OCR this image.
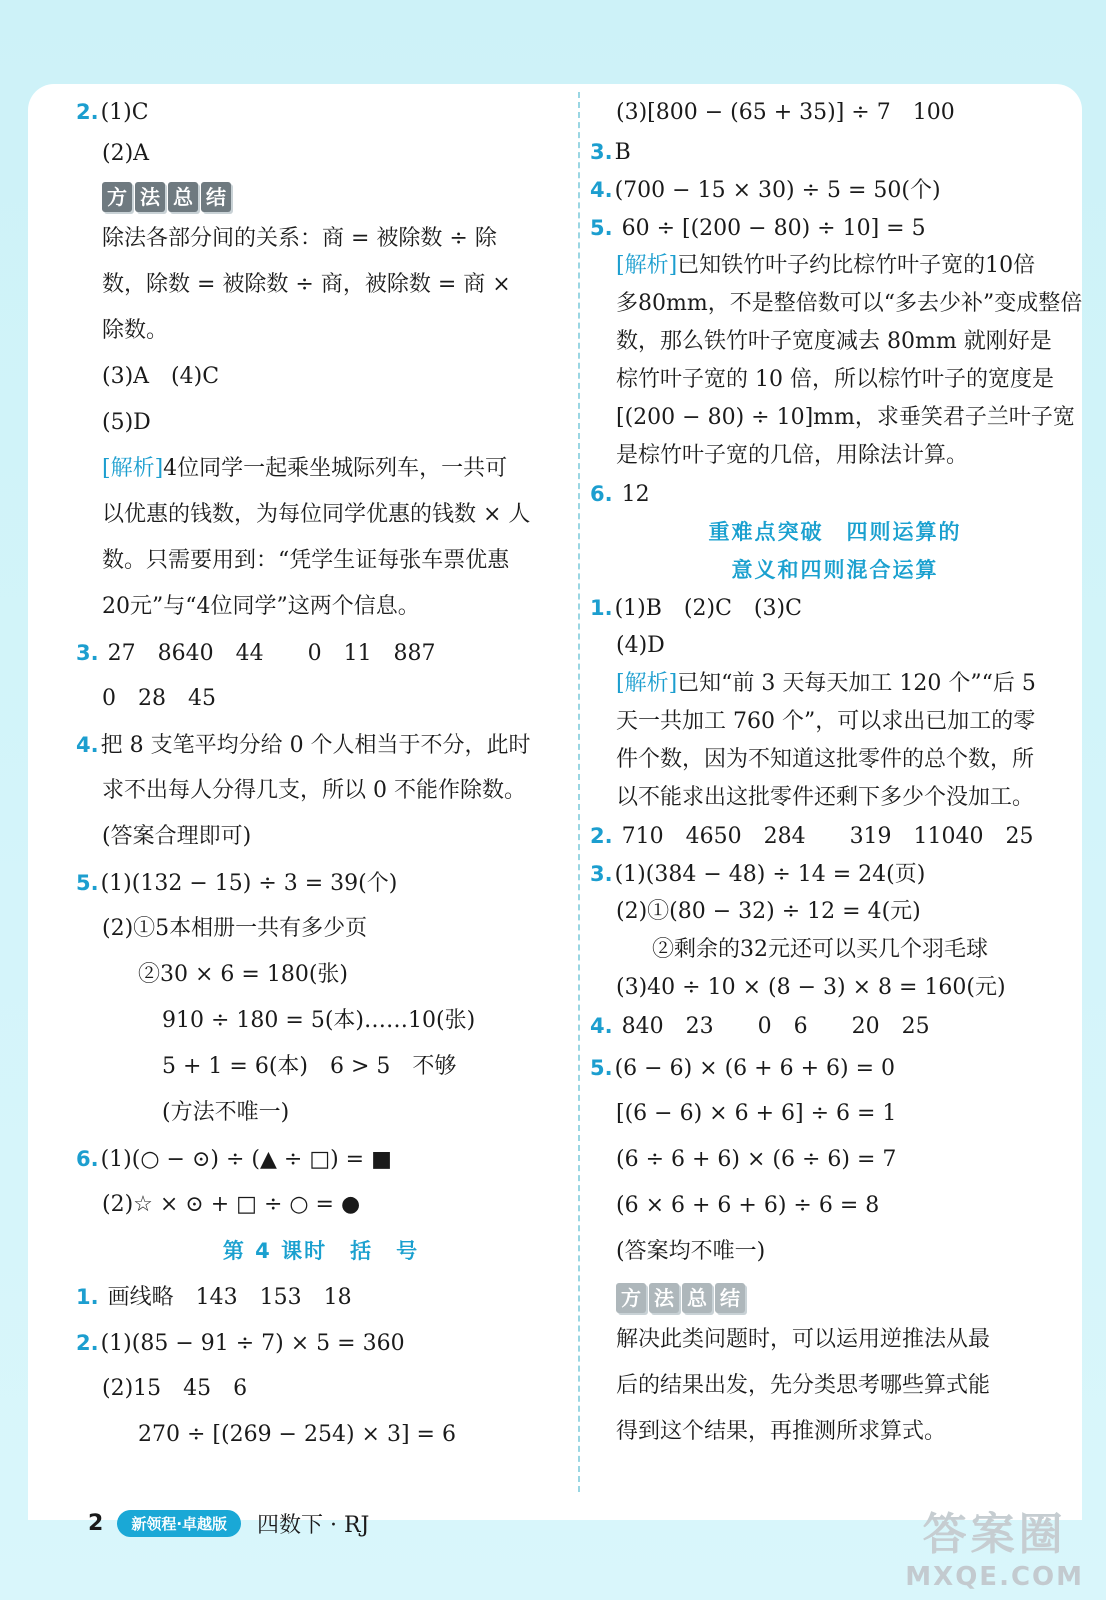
2.(1)C
(2)A
方 法 总 结
除法各部分间的关系：商 = 被除数 ÷ 除
数，除数 = 被除数 ÷ 商，被除数 = 商 ×
除数。
(3)A　(4)C
(5)D
[解析]4位同学一起乘坐城际列车，一共可
以优惠的钱数，为每位同学优惠的钱数 × 人
数。只需要用到：“凭学生证每张车票优惠
20元”与“4位同学”这两个信息。
3. 27　8640　44　　0　11　887
0　28　45
4.把 8 支笔平均分给 0 个人相当于不分，此时
求不出每人分得几支，所以 0 不能作除数。
(答案合理即可)
5.(1)(132 − 15) ÷ 3 = 39(个)
(2)①5本相册一共有多少页
②30 × 6 = 180(张)
910 ÷ 180 = 5(本)……10(张)
5 + 1 = 6(本)　6 > 5　不够
(方法不唯一)
6.(1)(○ − ⊙) ÷ (▲ ÷ □) = ■
(2)☆ × ⊙ + □ ÷ ○ = ●
第 4 课时　括　号
1. 画线略　143　153　18
2.(1)(85 − 91 ÷ 7) × 5 = 360
(2)15　45　6
270 ÷ [(269 − 254) × 3] = 6
(3)[800 − (65 + 35)] ÷ 7　100
3.B
4.(700 − 15 × 30) ÷ 5 = 50(个)
5. 60 ÷ [(200 − 80) ÷ 10] = 5
[解析]已知铁竹叶子约比棕竹叶子宽的10倍
多80mm，不是整倍数可以“多去少补”变成整倍
数，那么铁竹叶子宽度减去 80mm 就刚好是
棕竹叶子宽的 10 倍，所以棕竹叶子的宽度是
[(200 − 80) ÷ 10]mm，求垂笑君子兰叶子宽
是棕竹叶子宽的几倍，用除法计算。
6. 12
重难点突破　四则运算的
意义和四则混合运算
1.(1)B　(2)C　(3)C
(4)D
[解析]已知“前 3 天每天加工 120 个”“后 5
天一共加工 760 个”，可以求出已加工的零
件个数，因为不知道这批零件的总个数，所
以不能求出这批零件还剩下多少个没加工。
2. 710　4650　284　　319　11040　25
3.(1)(384 − 48) ÷ 14 = 24(页)
(2)①(80 − 32) ÷ 12 = 4(元)
②剩余的32元还可以买几个羽毛球
(3)40 ÷ 10 × (8 − 3) × 8 = 160(元)
4. 840　23　　0　6　　20　25
5.(6 − 6) × (6 + 6 + 6) = 0
[(6 − 6) × 6 + 6] ÷ 6 = 1
(6 ÷ 6 + 6) × (6 ÷ 6) = 7
(6 × 6 + 6 + 6) ÷ 6 = 8
(答案均不唯一)
方 法 总 结
解决此类问题时，可以运用逆推法从最
后的结果出发，先分类思考哪些算式能
得到这个结果，再推测所求算式。
2	新领程·卓越版	四数下 · RJ	答案圈
MXQE.COM
